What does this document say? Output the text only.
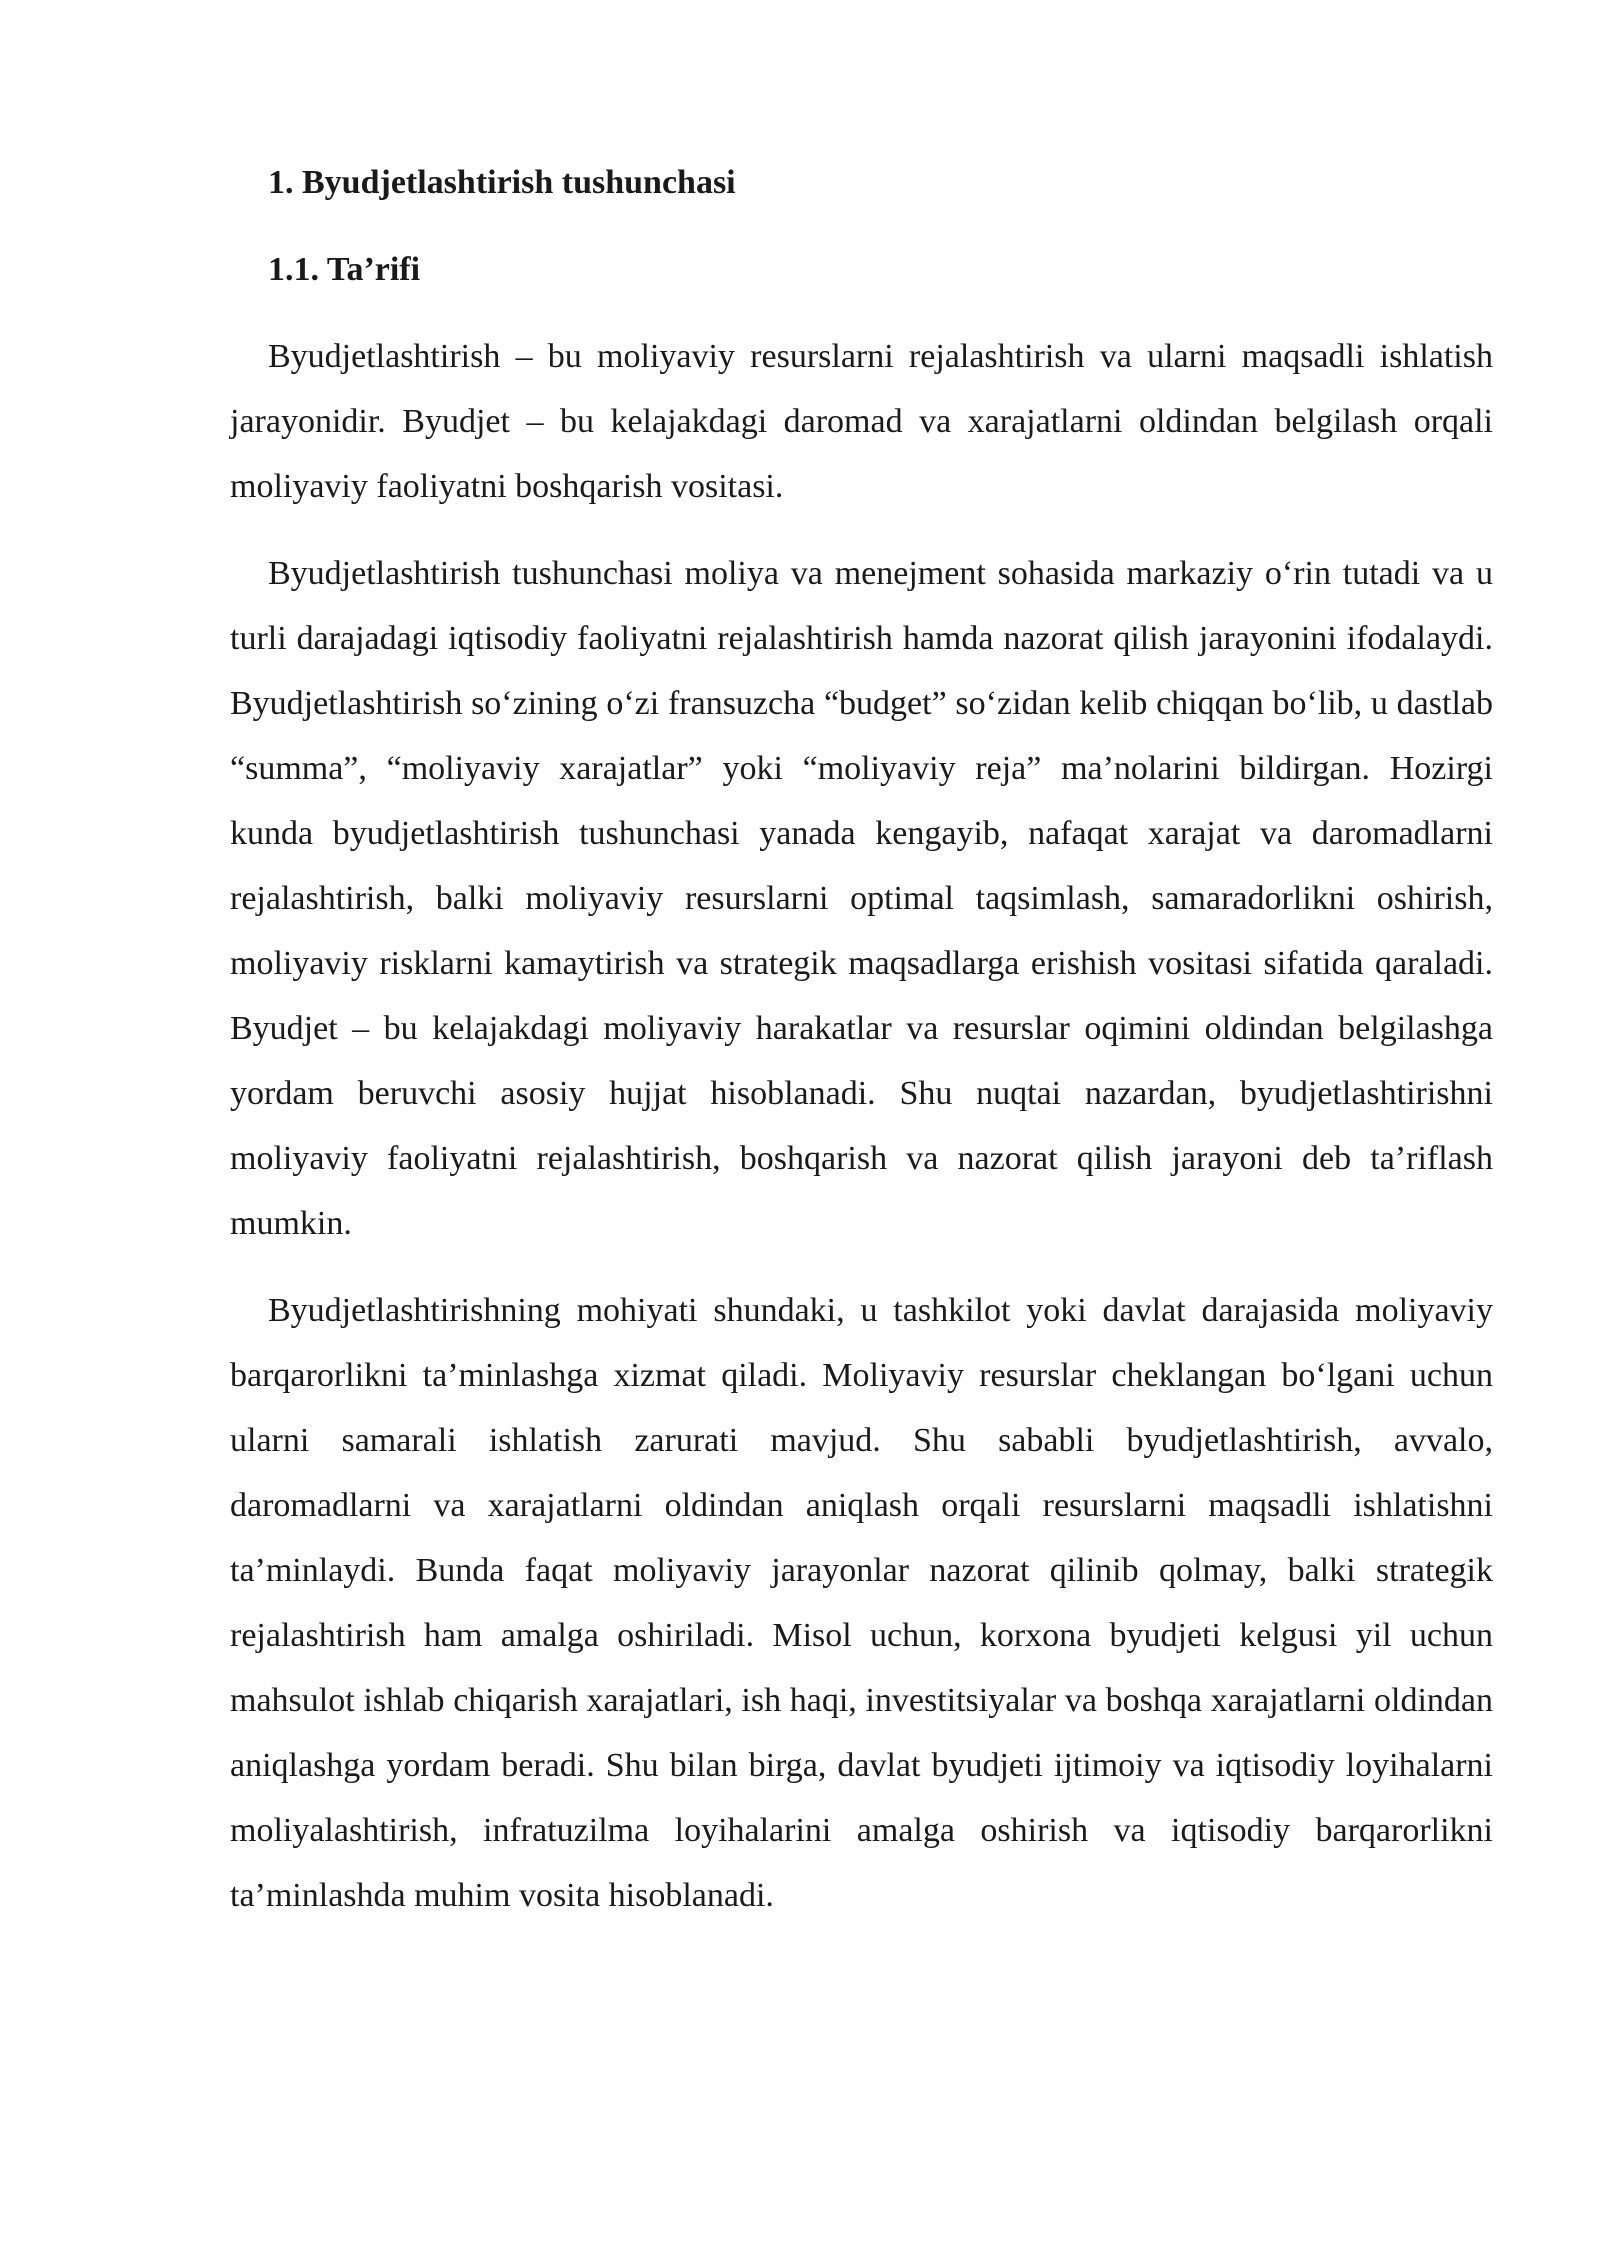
1. Byudjetlashtirish tushunchasi
1.1. Ta’rifi

Byudjetlashtirish – bu moliyaviy resurslarni rejalashtirish va ularni maqsadli ishlatish jarayonidir. Byudjet – bu kelajakdagi daromad va xarajatlarni oldindan belgilash orqali moliyaviy faoliyatni boshqarish vositasi.

Byudjetlashtirish tushunchasi moliya va menejment sohasida markaziy o‘rin tutadi va u turli darajadagi iqtisodiy faoliyatni rejalashtirish hamda nazorat qilish jarayonini ifodalaydi. Byudjetlashtirish so‘zining o‘zi fransuzcha “budget” so‘zidan kelib chiqqan bo‘lib, u dastlab “summa”, “moliyaviy xarajatlar” yoki “moliyaviy reja” ma’nolarini bildirgan. Hozirgi kunda byudjetlashtirish tushunchasi yanada kengayib, nafaqat xarajat va daromadlarni rejalashtirish, balki moliyaviy resurslarni optimal taqsimlash, samaradorlikni oshirish, moliyaviy risklarni kamaytirish va strategik maqsadlarga erishish vositasi sifatida qaraladi. Byudjet – bu kelajakdagi moliyaviy harakatlar va resurslar oqimini oldindan belgilashga yordam beruvchi asosiy hujjat hisoblanadi. Shu nuqtai nazardan, byudjetlashtirishni moliyaviy faoliyatni rejalashtirish, boshqarish va nazorat qilish jarayoni deb ta’riflash mumkin.

Byudjetlashtirishning mohiyati shundaki, u tashkilot yoki davlat darajasida moliyaviy barqarorlikni ta’minlashga xizmat qiladi. Moliyaviy resurslar cheklangan bo‘lgani uchun ularni samarali ishlatish zarurati mavjud. Shu sababli byudjetlashtirish, avvalo, daromadlarni va xarajatlarni oldindan aniqlash orqali resurslarni maqsadli ishlatishni ta’minlaydi. Bunda faqat moliyaviy jarayonlar nazorat qilinib qolmay, balki strategik rejalashtirish ham amalga oshiriladi. Misol uchun, korxona byudjeti kelgusi yil uchun mahsulot ishlab chiqarish xarajatlari, ish haqi, investitsiyalar va boshqa xarajatlarni oldindan aniqlashga yordam beradi. Shu bilan birga, davlat byudjeti ijtimoiy va iqtisodiy loyihalarni moliyalashtirish, infratuzilma loyihalarini amalga oshirish va iqtisodiy barqarorlikni ta’minlashda muhim vosita hisoblanadi.
